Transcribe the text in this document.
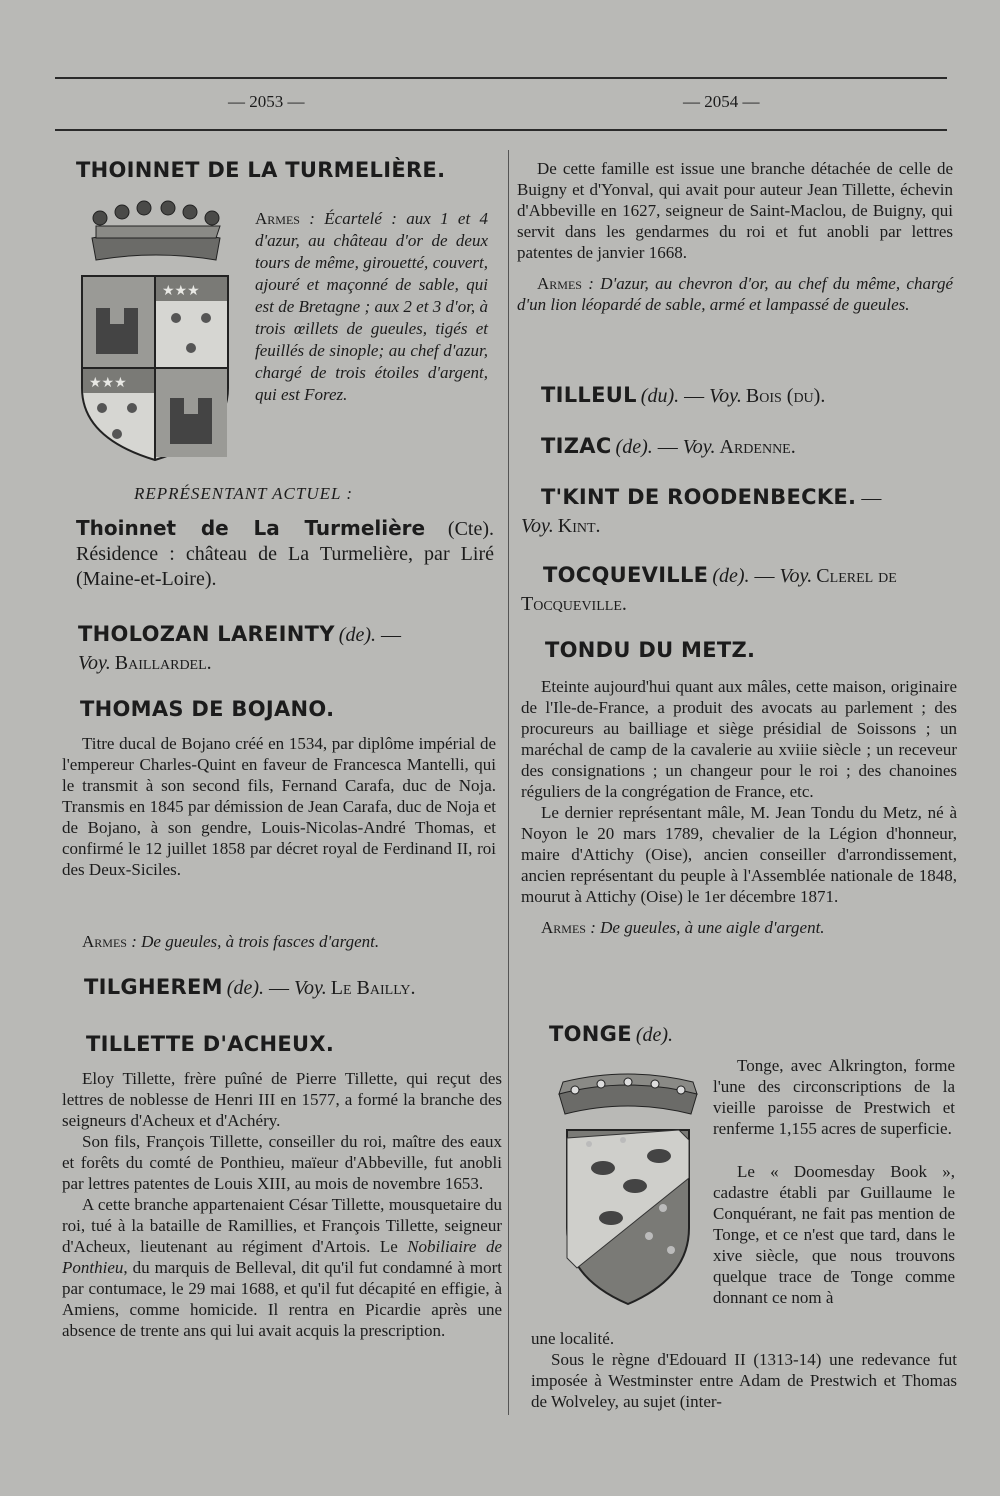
— 2053 —	— 2054 —
THOINNET DE LA TURMELIÈRE.
★★★
★★★

Armes : Écartelé : aux 1 et 4 d'azur, au château d'or de deux tours de même, girouetté, couvert, ajouré et maçonné de sable, qui est de Bretagne ; aux 2 et 3 d'or, à trois œillets de gueules, tigés et feuillés de sinople; au chef d'azur, chargé de trois étoiles d'argent, qui est Forez.

REPRÉSENTANT ACTUEL :

Thoinnet de La Turmelière (Cte). Résidence : château de La Turmelière, par Liré (Maine-et-Loire).

THOLOZAN LAREINTY (de). —
Voy. Baillardel.
THOMAS DE BOJANO.

Titre ducal de Bojano créé en 1534, par diplôme impérial de l'empereur Charles-Quint en faveur de Francesca Mantelli, qui le transmit à son second fils, Fernand Carafa, duc de Noja. Transmis en 1845 par démission de Jean Carafa, duc de Noja et de Bojano, à son gendre, Louis-Nicolas-André Thomas, et confirmé le 12 juillet 1858 par décret royal de Ferdinand II, roi des Deux-Siciles.

Armes : De gueules, à trois fasces d'argent.

TILGHEREM (de). — Voy. Le Bailly.
TILLETTE D'ACHEUX.

Eloy Tillette, frère puîné de Pierre Tillette, qui reçut des lettres de noblesse de Henri III en 1577, a formé la branche des seigneurs d'Acheux et d'Achéry.

Son fils, François Tillette, conseiller du roi, maître des eaux et forêts du comté de Ponthieu, maïeur d'Abbeville, fut anobli par lettres patentes de Louis XIII, au mois de novembre 1653.

A cette branche appartenaient César Tillette, mousquetaire du roi, tué à la bataille de Ramillies, et François Tillette, seigneur d'Acheux, lieutenant au régiment d'Artois. Le Nobiliaire de Ponthieu, du marquis de Belleval, dit qu'il fut condamné à mort par contumace, le 29 mai 1688, et qu'il fut décapité en effigie, à Amiens, comme homicide. Il rentra en Picardie après une absence de trente ans qui lui avait acquis la prescription.

De cette famille est issue une branche détachée de celle de Buigny et d'Yonval, qui avait pour auteur Jean Tillette, échevin d'Abbeville en 1627, seigneur de Saint-Maclou, de Buigny, qui servit dans les gendarmes du roi et fut anobli par lettres patentes de janvier 1668.

Armes : D'azur, au chevron d'or, au chef du même, chargé d'un lion léopardé de sable, armé et lampassé de gueules.

TILLEUL (du). — Voy. Bois (du).
TIZAC (de). — Voy. Ardenne.
T'KINT DE ROODENBECKE. —
Voy. Kint.
TOCQUEVILLE (de). — Voy. Clerel de Tocqueville.
TONDU DU METZ.

Eteinte aujourd'hui quant aux mâles, cette maison, originaire de l'Ile-de-France, a produit des avocats au parlement ; des procureurs au bailliage et siège présidial de Soissons ; un maréchal de camp de la cavalerie au xviiie siècle ; un receveur des consignations ; un changeur pour le roi ; des chanoines réguliers de la congrégation de France, etc.

Le dernier représentant mâle, M. Jean Tondu du Metz, né à Noyon le 20 mars 1789, chevalier de la Légion d'honneur, maire d'Attichy (Oise), ancien conseiller d'arrondissement, ancien représentant du peuple à l'Assemblée nationale de 1848, mourut à Attichy (Oise) le 1er décembre 1871.

Armes : De gueules, à une aigle d'argent.

TONGE (de).

Tonge, avec Alkrington, forme l'une des circonscriptions de la vieille paroisse de Prestwich et renferme 1,155 acres de superficie.

Le « Doomesday Book », cadastre établi par Guillaume le Conquérant, ne fait pas mention de Tonge, et ce n'est que tard, dans le xive siècle, que nous trouvons quelque trace de Tonge comme donnant ce nom à

une localité.

Sous le règne d'Edouard II (1313-14) une redevance fut imposée à Westminster entre Adam de Prestwich et Thomas de Wolveley, au sujet (inter-
